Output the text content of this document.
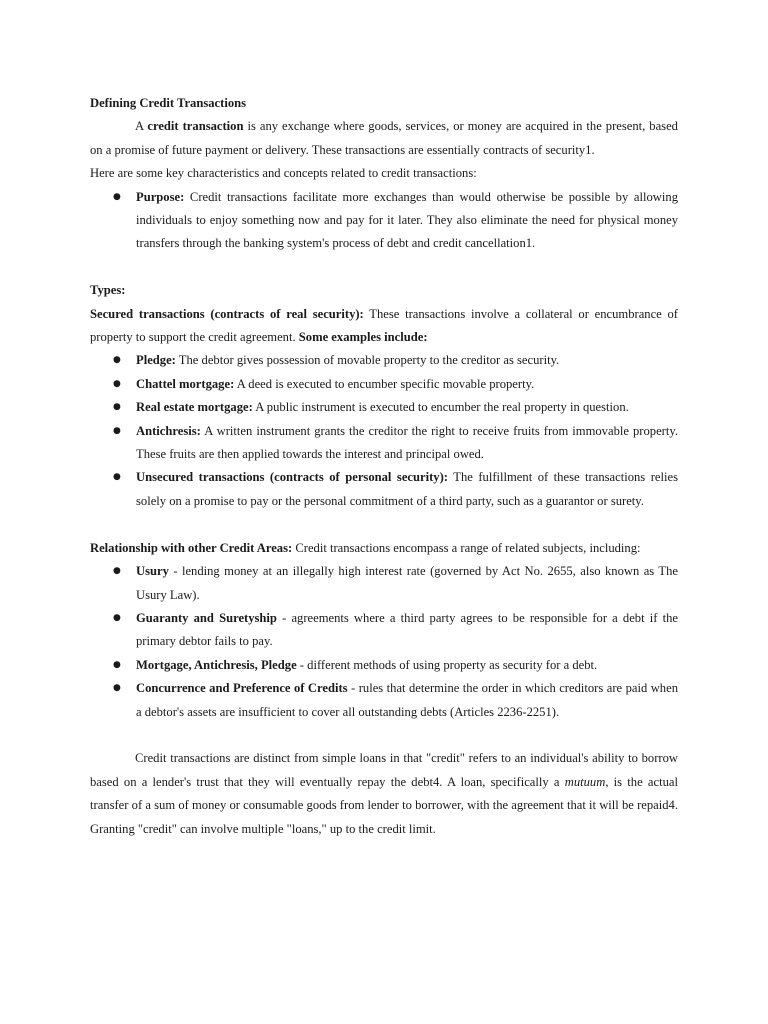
Defining Credit Transactions

A credit transaction is any exchange where goods, services, or money are acquired in the present, based on a promise of future payment or delivery. These transactions are essentially contracts of security1.

Here are some key characteristics and concepts related to credit transactions:

● Purpose: Credit transactions facilitate more exchanges than would otherwise be possible by allowing individuals to enjoy something now and pay for it later. They also eliminate the need for physical money transfers through the banking system's process of debt and credit cancellation1.
Types:

Secured transactions (contracts of real security): These transactions involve a collateral or encumbrance of property to support the credit agreement. Some examples include:

● Pledge: The debtor gives possession of movable property to the creditor as security.
● Chattel mortgage: A deed is executed to encumber specific movable property.
● Real estate mortgage: A public instrument is executed to encumber the real property in question.
● Antichresis: A written instrument grants the creditor the right to receive fruits from immovable property. These fruits are then applied towards the interest and principal owed.
● Unsecured transactions (contracts of personal security): The fulfillment of these transactions relies solely on a promise to pay or the personal commitment of a third party, such as a guarantor or surety.

Relationship with other Credit Areas: Credit transactions encompass a range of related subjects, including:

● Usury - lending money at an illegally high interest rate (governed by Act No. 2655, also known as The Usury Law).
● Guaranty and Suretyship - agreements where a third party agrees to be responsible for a debt if the primary debtor fails to pay.
● Mortgage, Antichresis, Pledge - different methods of using property as security for a debt.
● Concurrence and Preference of Credits - rules that determine the order in which creditors are paid when a debtor's assets are insufficient to cover all outstanding debts (Articles 2236-2251).

Credit transactions are distinct from simple loans in that "credit" refers to an individual's ability to borrow based on a lender's trust that they will eventually repay the debt4. A loan, specifically a mutuum, is the actual transfer of a sum of money or consumable goods from lender to borrower, with the agreement that it will be repaid4. Granting "credit" can involve multiple "loans," up to the credit limit.
